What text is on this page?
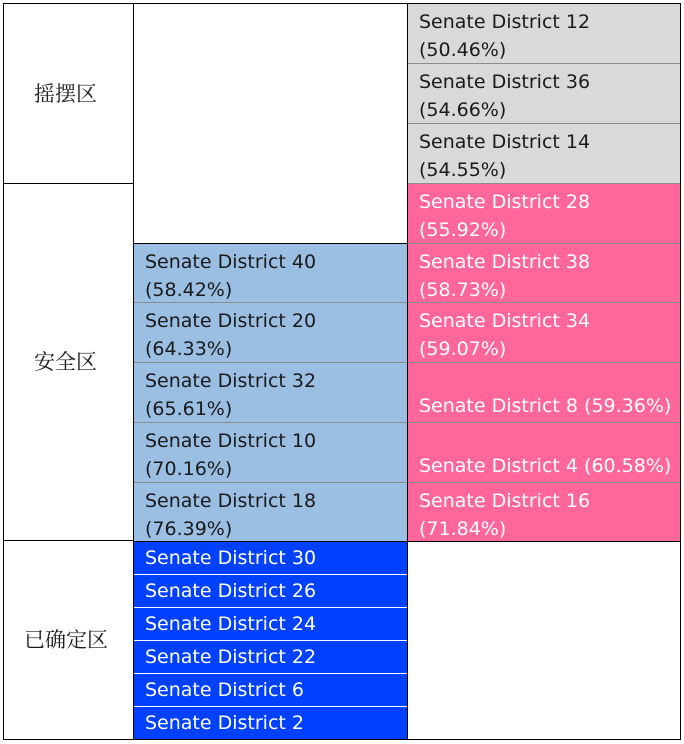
摇摆区
安全区
已确定区
Senate District 12
(50.46%)
Senate District 36
(54.66%)
Senate District 14
(54.55%)
Senate District 28
(55.92%)
Senate District 38
(58.73%)
Senate District 34
(59.07%)
Senate District 8 (59.36%)
Senate District 4 (60.58%)
Senate District 16
(71.84%)
Senate District 40
(58.42%)
Senate District 20
(64.33%)
Senate District 32
(65.61%)
Senate District 10
(70.16%)
Senate District 18
(76.39%)
Senate District 30
Senate District 26
Senate District 24
Senate District 22
Senate District 6
Senate District 2
